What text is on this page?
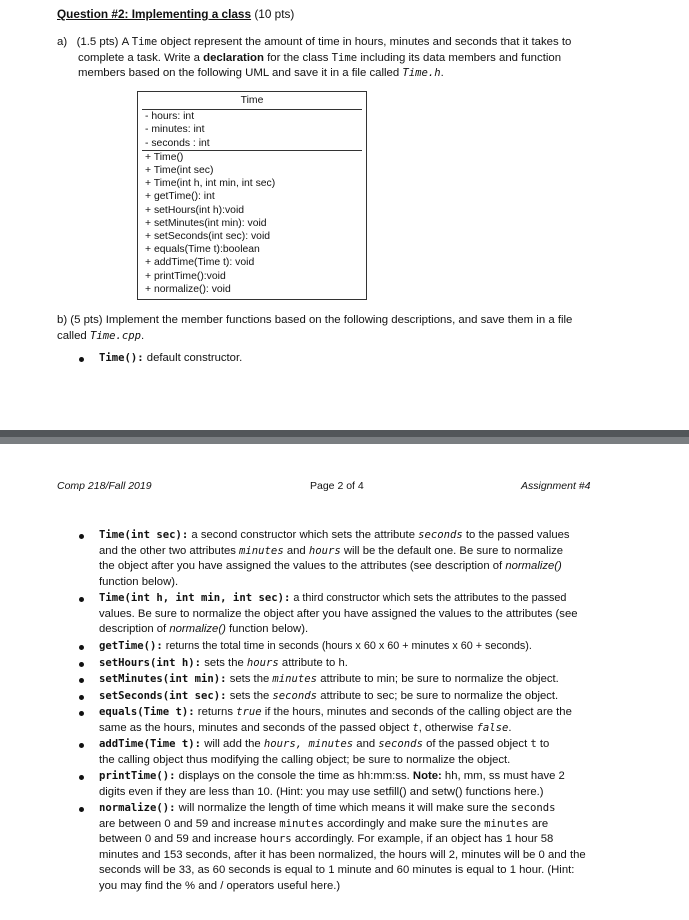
Question #2: Implementing a class (10 pts)
a) (1.5 pts) A Time object represent the amount of time in hours, minutes and seconds that it takes to
complete a task. Write a declaration for the class Time including its data members and function
members based on the following UML and save it in a file called Time.h.
Time
- hours: int
- minutes: int
- seconds : int
+ Time()
+ Time(int sec)
+ Time(int h, int min, int sec)
+ getTime(): int
+ setHours(int h):void
+ setMinutes(int min): void
+ setSeconds(int sec): void
+ equals(Time t):boolean
+ addTime(Time t): void
+ printTime():void
+ normalize(): void
b) (5 pts) Implement the member functions based on the following descriptions, and save them in a file
called Time.cpp.
Time(): default constructor.
Comp 218/Fall 2019	Page 2 of 4	Assignment #4
Time(int sec): a second constructor which sets the attribute seconds to the passed values
and the other two attributes minutes and hours will be the default one. Be sure to normalize
the object after you have assigned the values to the attributes (see description of normalize()
function below).
Time(int h, int min, int sec): a third constructor which sets the attributes to the passed
values. Be sure to normalize the object after you have assigned the values to the attributes (see
description of normalize() function below).
getTime(): returns the total time in seconds (hours x 60 x 60 + minutes x 60 + seconds).
setHours(int h): sets the hours attribute to h.
setMinutes(int min): sets the minutes attribute to min; be sure to normalize the object.
setSeconds(int sec): sets the seconds attribute to sec; be sure to normalize the object.
equals(Time t): returns true if the hours, minutes and seconds of the calling object are the
same as the hours, minutes and seconds of the passed object t, otherwise false.
addTime(Time t): will add the hours, minutes and seconds of the passed object t to
the calling object thus modifying the calling object; be sure to normalize the object.
printTime(): displays on the console the time as hh:mm:ss. Note: hh, mm, ss must have 2
digits even if they are less than 10. (Hint: you may use setfill() and setw() functions here.)
normalize(): will normalize the length of time which means it will make sure the seconds
are between 0 and 59 and increase minutes accordingly and make sure the minutes are
between 0 and 59 and increase hours accordingly. For example, if an object has 1 hour 58
minutes and 153 seconds, after it has been normalized, the hours will 2, minutes will be 0 and the
seconds will be 33, as 60 seconds is equal to 1 minute and 60 minutes is equal to 1 hour. (Hint:
you may find the % and / operators useful here.)
